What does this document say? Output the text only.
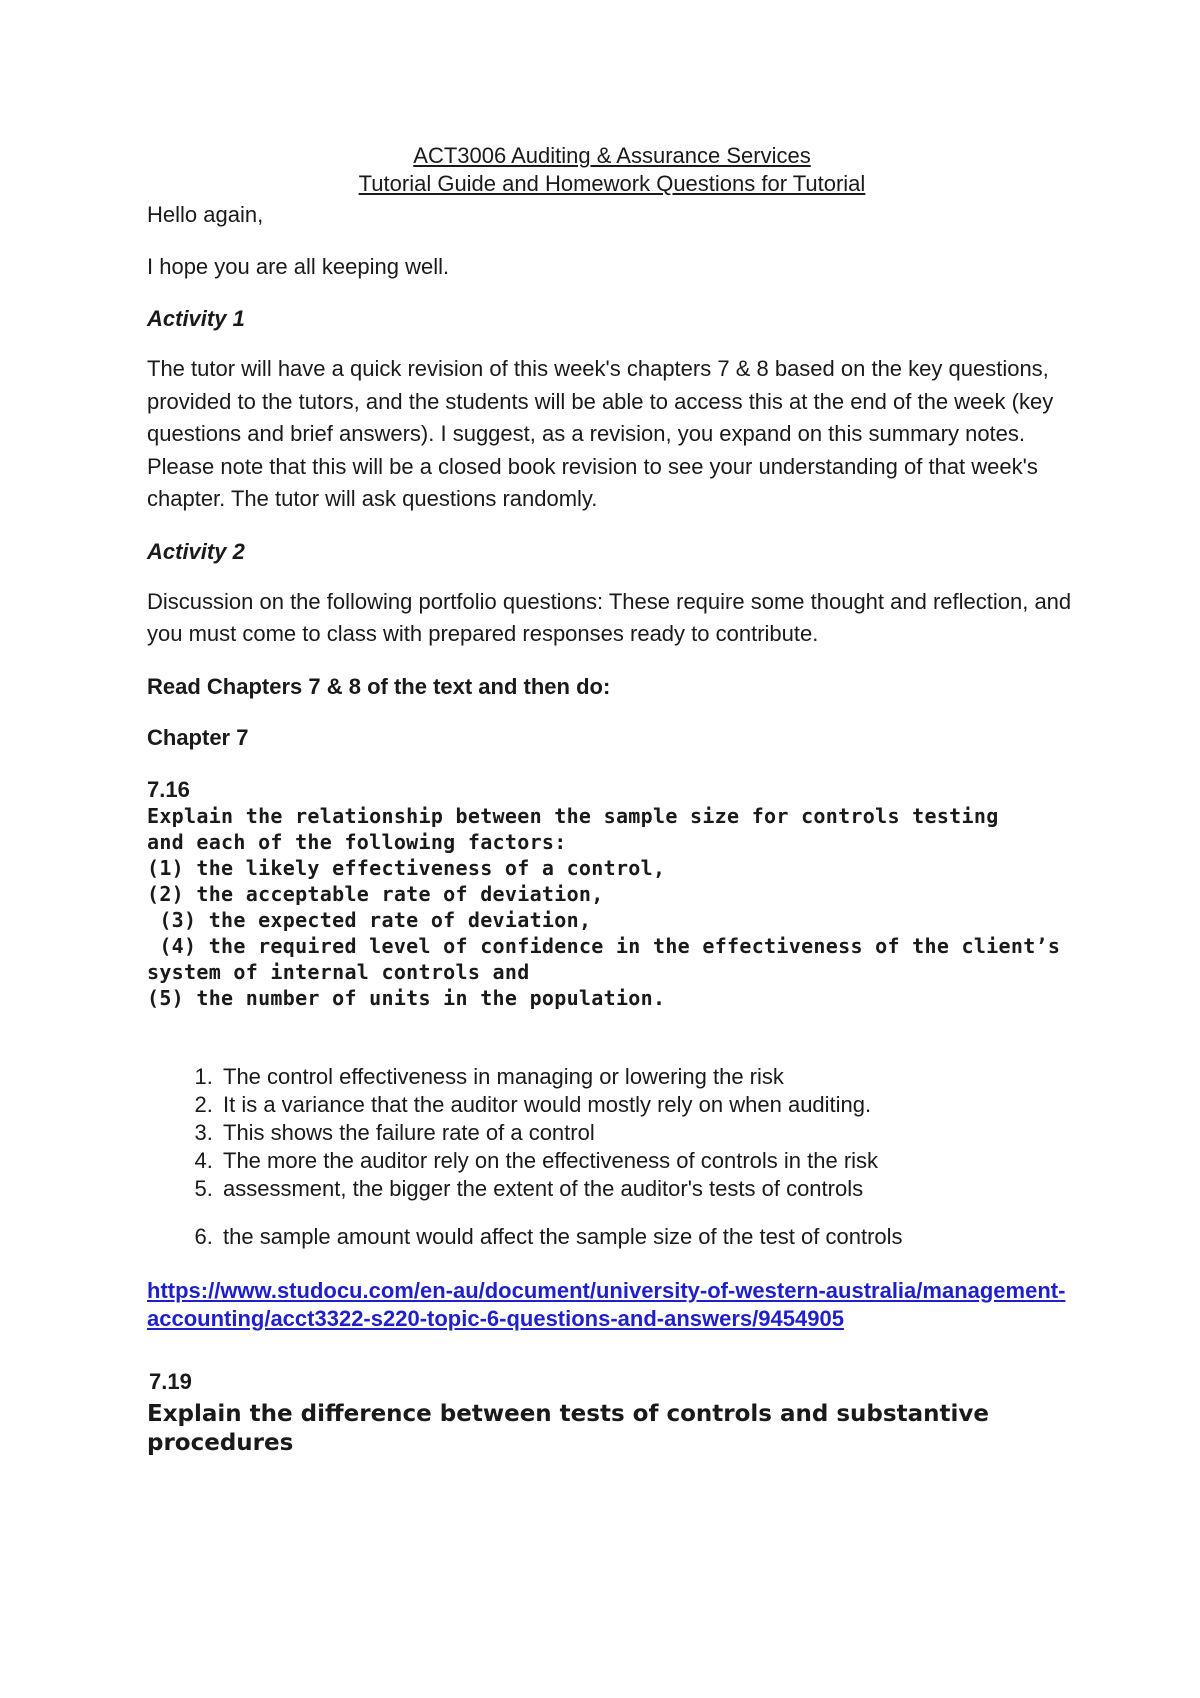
ACT3006 Auditing & Assurance Services
Tutorial Guide and Homework Questions for Tutorial

Hello again,

I hope you are all keeping well.

Activity 1

The tutor will have a quick revision of this week's chapters 7 & 8 based on the key questions, provided to the tutors, and the students will be able to access this at the end of the week (key questions and brief answers). I suggest, as a revision, you expand on this summary notes. Please note that this will be a closed book revision to see your understanding of that week's chapter. The tutor will ask questions randomly.

Activity 2

Discussion on the following portfolio questions: These require some thought and reflection, and you must come to class with prepared responses ready to contribute.

Read Chapters 7 & 8 of the text and then do:

Chapter 7

7.16

Explain the relationship between the sample size for controls testing
and each of the following factors:
(1) the likely effectiveness of a control,
(2) the acceptable rate of deviation,
(3) the expected rate of deviation,
(4) the required level of confidence in the effectiveness of the client’s
system of internal controls and
(5) the number of units in the population.
1. The control effectiveness in managing or lowering the risk
2. It is a variance that the auditor would mostly rely on when auditing.
3. This shows the failure rate of a control
4. The more the auditor rely on the effectiveness of controls in the risk
5. assessment, the bigger the extent of the auditor's tests of controls
6. the sample amount would affect the sample size of the test of controls
https://www.studocu.com/en-au/document/university-of-western-australia/management-accounting/acct3322-s220-topic-6-questions-and-answers/9454905

7.19

Explain the difference between tests of controls and substantive procedures
